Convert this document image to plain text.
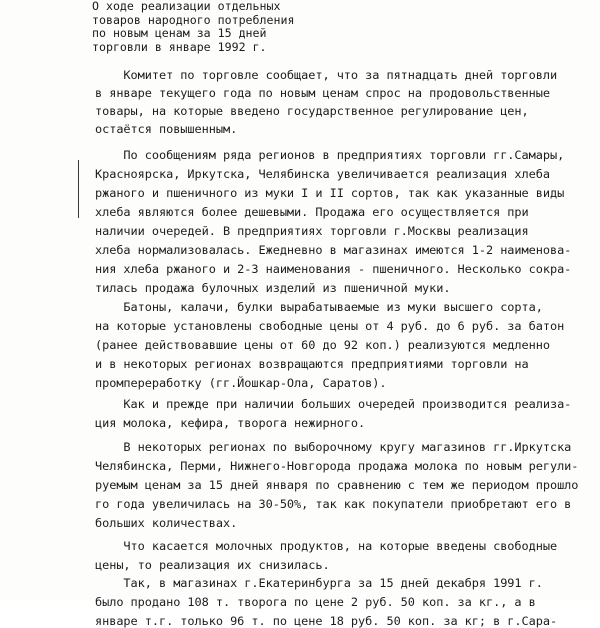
О ходе реализации отдельных
товаров народного потребления
по новым ценам за 15 дней
торговли в январе 1992 г.
Комитет по торговле сообщает, что за пятнадцать дней торговли
в январе текущего года по новым ценам спрос на продовольственные
товары, на которые введено государственное регулирование цен,
остаётся повышенным.
По сообщениям ряда регионов в предприятиях торговли гг.Самары,
Красноярска, Иркутска, Челябинска увеличивается реализация хлеба
ржаного и пшеничного из муки I и II сортов, так как указанные виды
хлеба являются более дешевыми. Продажа его осуществляется при
наличии очередей. В предприятиях торговли г.Москвы реализация
хлеба нормализовалась. Ежедневно в магазинах имеются 1-2 наименова-
ния хлеба ржаного и 2-3 наименования - пшеничного. Несколько сокра-
тилась продажа булочных изделий из пшеничной муки.
Батоны, калачи, булки вырабатываемые из муки высшего сорта,
на которые установлены свободные цены от 4 руб. до 6 руб. за батон
(ранее действовавшие цены от 60 до 92 коп.) реализуются медленно
и в некоторых регионах возвращаются предприятиями торговли на
промпереработку (гг.Йошкар-Ола, Саратов).
Как и прежде при наличии больших очередей производится реализа-
ция молока, кефира, творога нежирного.
В некоторых регионах по выборочному кругу магазинов гг.Иркутска
Челябинска, Перми, Нижнего-Новгорода продажа молока по новым регули-
руемым ценам за 15 дней января по сравнению с тем же периодом прошло
го года увеличилась на 30-50%, так как покупатели приобретают его в
больших количествах.
Что касается молочных продуктов, на которые введены свободные
цены, то реализация их снизилась.
Так, в магазинах г.Екатеринбурга за 15 дней декабря 1991 г.
было продано 108 т. творога по цене 2 руб. 50 коп. за кг., а в
январе т.г. только 96 т. по цене 18 руб. 50 коп. за кг; в г.Сара-
